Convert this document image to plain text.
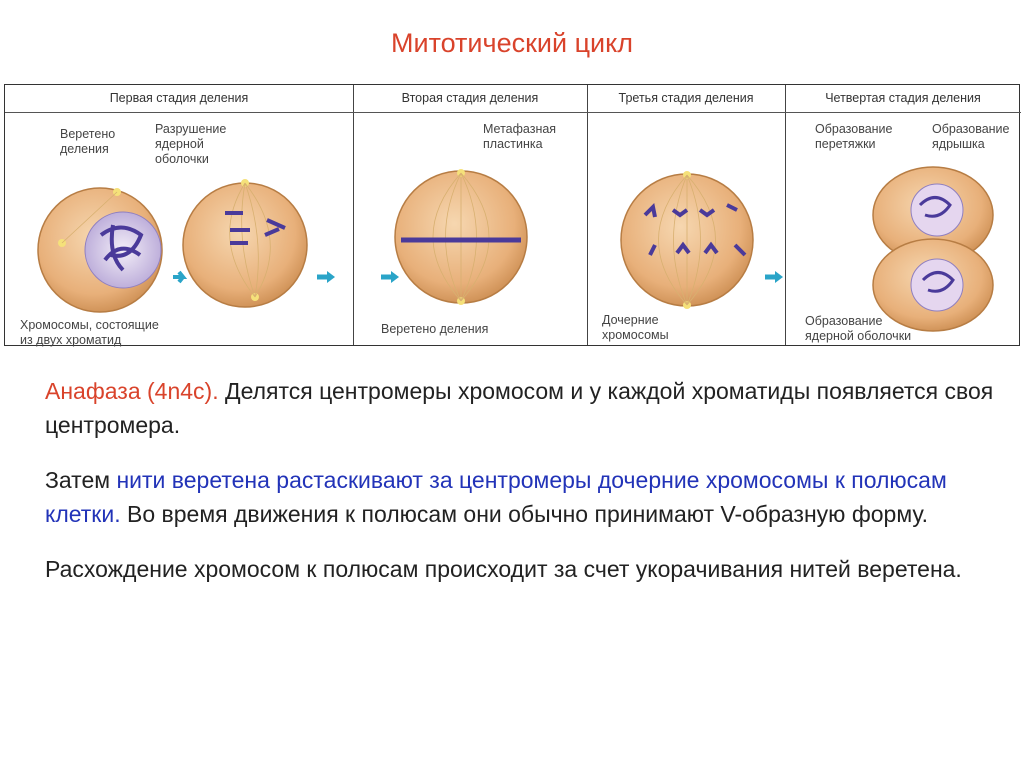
Митотический цикл
Первая стадия деления
Веретено
деления
Разрушение
ядерной
оболочки
Хромосомы, состоящие
из двух хроматид
Вторая стадия деления
Метафазная
пластинка
Веретено деления
Третья стадия деления
Дочерние
хромосомы
Четвертая стадия деления
Образование
перетяжки
Образование
ядрышка
Образование
ядерной оболочки

Анафаза (4n4c). Делятся центромеры хромосом и у каждой хроматиды появляется своя центромера.

Затем нити веретена растаскивают за центромеры дочерние хромосомы к полюсам клетки. Во время движения к полюсам они обычно принимают V-образную форму.

Расхождение хромосом к полюсам происходит за счет укорачивания нитей веретена.
